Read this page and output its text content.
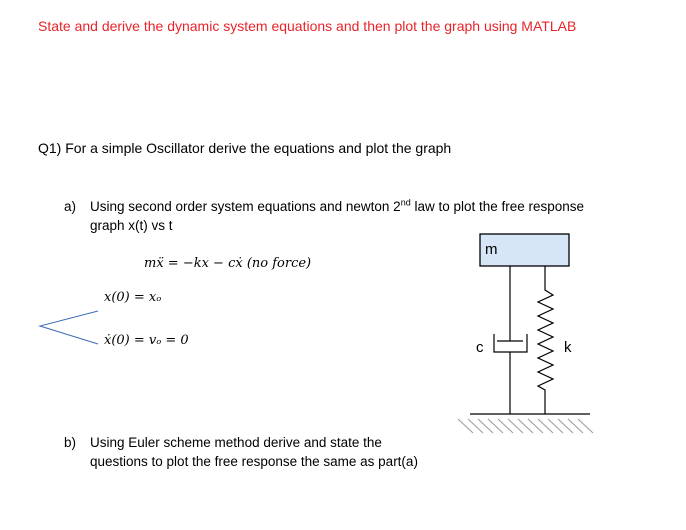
State and derive the dynamic system equations and then plot the graph using MATLAB
Q1) For a simple Oscillator derive the equations and plot the graph
a) Using second order system equations and newton 2nd law to plot the free response
graph x(t) vs t
mẍ = −kx − cẋ (no force)
x(0) = xₒ
ẋ(0) = vₒ = 0
b) Using Euler scheme method derive and state the
questions to plot the free response the same as part(a)
m
c	k
